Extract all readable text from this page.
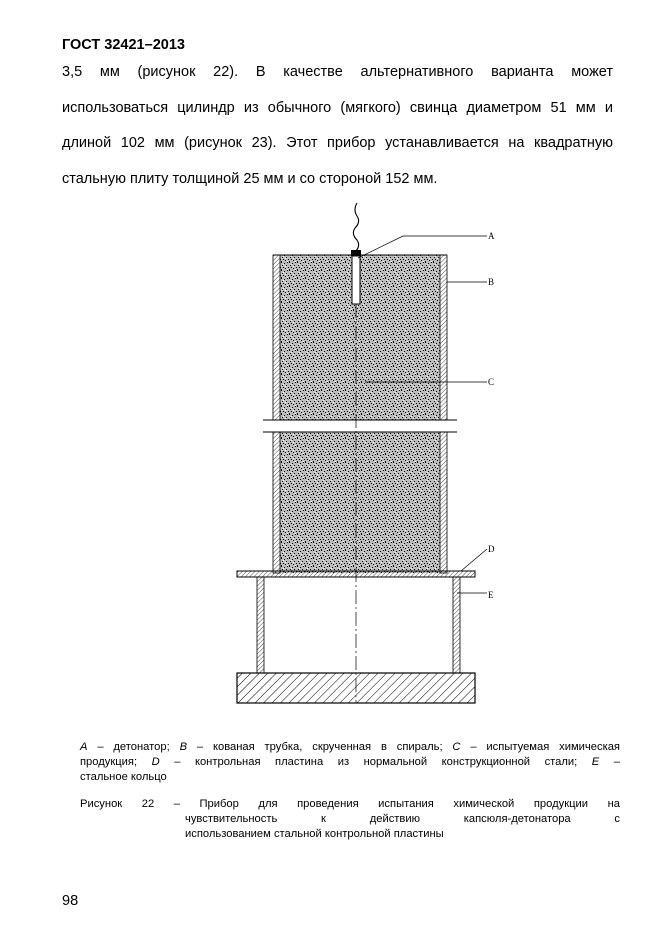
ГОСТ 32421–2013
3,5 мм (рисунок 22). В качестве альтернативного варианта может
использоваться цилиндр из обычного (мягкого) свинца диаметром 51 мм и
длиной 102 мм (рисунок 23). Этот прибор устанавливается на квадратную
стальную плиту толщиной 25 мм и со стороной 152 мм.
A
B
C
D
E
A – детонатор; B – кованая трубка, скрученная в спираль; C – испытуемая химическая
продукция; D – контрольная пластина из нормальной конструкционной стали; E –
стальное кольцо
Рисунок 22 – Прибор для проведения испытания химической продукции на
чувствительность к действию капсюля-детонатора с
использованием стальной контрольной пластины
98
